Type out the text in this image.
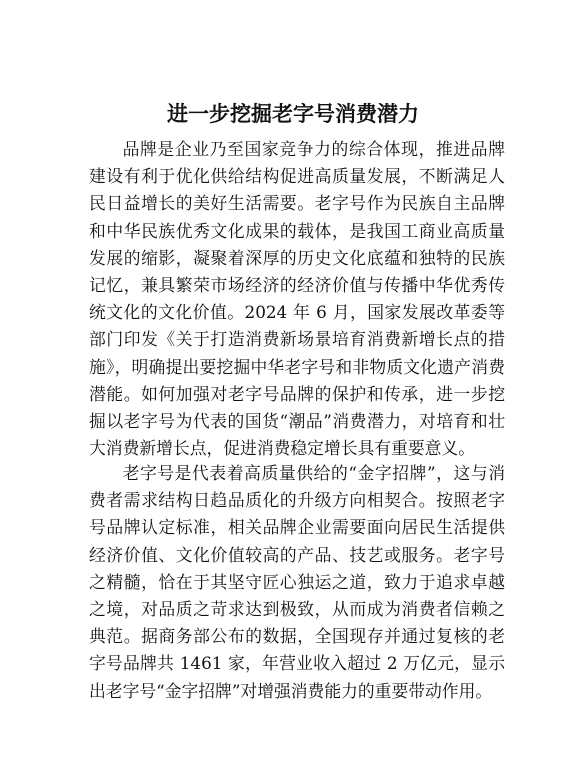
进一步挖掘老字号消费潜力

品牌是企业乃至国家竞争力的综合体现，推进品牌建设有利于优化供给结构促进高质量发展，不断满足人民日益增长的美好生活需要。老字号作为民族自主品牌和中华民族优秀文化成果的载体，是我国工商业高质量发展的缩影，凝聚着深厚的历史文化底蕴和独特的民族记忆，兼具繁荣市场经济的经济价值与传播中华优秀传统文化的文化价值。2024 年 6 月，国家发展改革委等部门印发《关于打造消费新场景培育消费新增长点的措施》，明确提出要挖掘中华老字号和非物质文化遗产消费潜能。如何加强对老字号品牌的保护和传承，进一步挖掘以老字号为代表的国货“潮品”消费潜力，对培育和壮大消费新增长点，促进消费稳定增长具有重要意义。

老字号是代表着高质量供给的“金字招牌”，这与消费者需求结构日趋品质化的升级方向相契合。按照老字号品牌认定标准，相关品牌企业需要面向居民生活提供经济价值、文化价值较高的产品、技艺或服务。老字号之精髓，恰在于其坚守匠心独运之道，致力于追求卓越之境，对品质之苛求达到极致，从而成为消费者信赖之典范。据商务部公布的数据，全国现存并通过复核的老字号品牌共 1461 家，年营业收入超过 2 万亿元，显示出老字号“金字招牌”对增强消费能力的重要带动作用。
